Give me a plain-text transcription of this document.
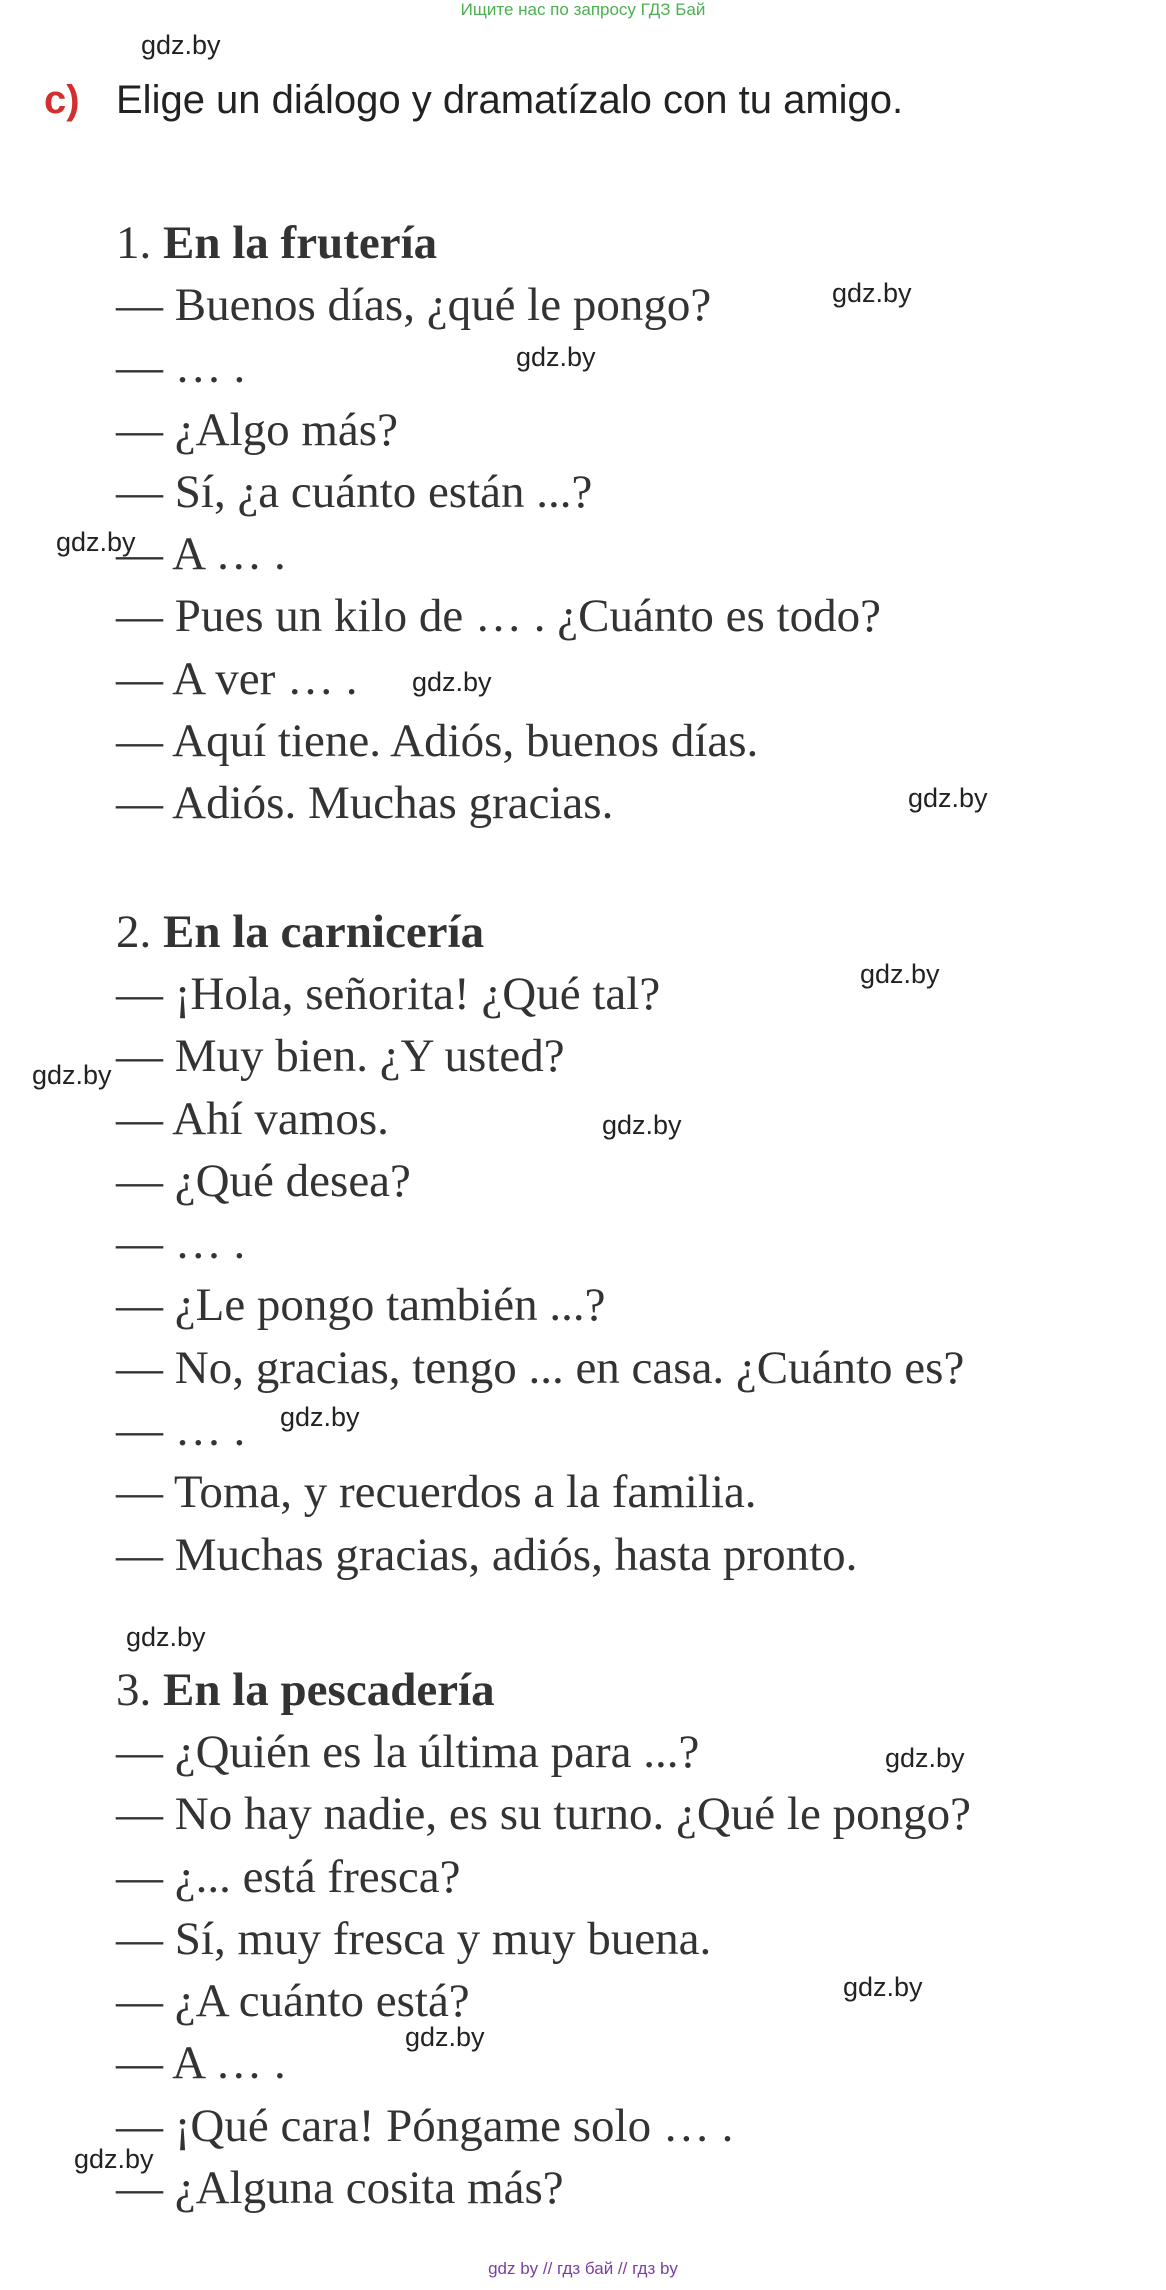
Ищите нас по запросу ГДЗ Бай
c) Elige un diálogo y dramatízalo con tu amigo.
1. En la frutería
— Buenos días, ¿qué le pongo?
— … .
— ¿Algo más?
— Sí, ¿a cuánto están ...?
— A … .
— Pues un kilo de … . ¿Cuánto es todo?
— A ver … .
— Aquí tiene. Adiós, buenos días.
— Adiós. Muchas gracias.
2. En la carnicería
— ¡Hola, señorita! ¿Qué tal?
— Muy bien. ¿Y usted?
— Ahí vamos.
— ¿Qué desea?
— … .
— ¿Le pongo también ...?
— No, gracias, tengo ... en casa. ¿Cuánto es?
— … .
— Toma, y recuerdos a la familia.
— Muchas gracias, adiós, hasta pronto.
3. En la pescadería
— ¿Quién es la última para ...?
— No hay nadie, es su turno. ¿Qué le pongo?
— ¿... está fresca?
— Sí, muy fresca y muy buena.
— ¿A cuánto está?
— A … .
— ¡Qué cara! Póngame solo … .
— ¿Alguna cosita más?
gdz.by
gdz.by
gdz.by
gdz.by
gdz.by
gdz.by
gdz.by
gdz.by
gdz.by
gdz.by
gdz.by
gdz.by
gdz.by
gdz.by
gdz.by
gdz by // гдз бай // гдз by
